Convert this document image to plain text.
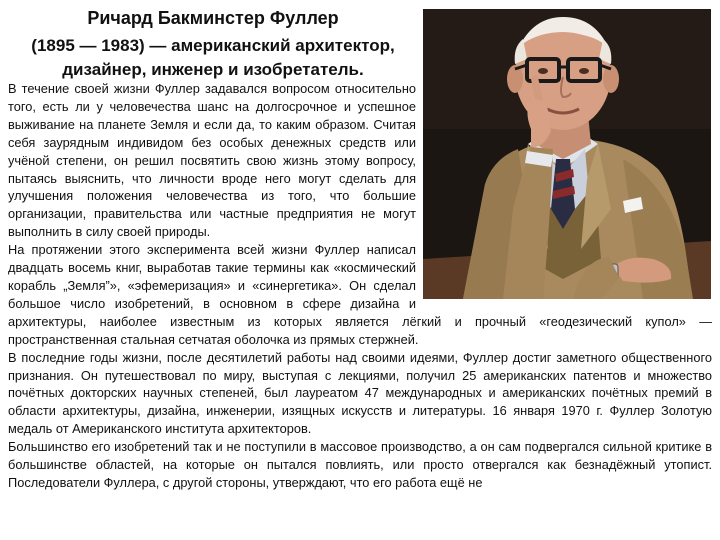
Ричард Бакминстер Фуллер
(1895 — 1983) — американский архитектор, дизайнер, инженер и изобретатель.

В течение своей жизни Фуллер задавался вопросом относительно того, есть ли у человечества шанс на долгосрочное и успешное выживание на планете Земля и если да, то каким образом. Считая себя заурядным индивидом без особых денежных средств или учёной степени, он решил посвятить свою жизнь этому вопросу, пытаясь выяснить, что личности вроде него могут сделать для улучшения положения человечества из того, что большие организации, правительства или частные предприятия не могут выполнить в силу своей природы.

На протяжении этого эксперимента всей жизни Фуллер написал двадцать восемь книг, выработав такие термины как «космический корабль „Земля”», «эфемеризация» и «синергетика». Он сделал большое число изобретений, в основном в сфере дизайна и архитектуры, наиболее известным из которых является лёгкий и прочный «геодезический купол» — пространственная стальная сетчатая оболочка из прямых стержней.

В последние годы жизни, после десятилетий работы над своими идеями, Фуллер достиг заметного общественного признания. Он путешествовал по миру, выступая с лекциями, получил 25 американских патентов и множество почётных докторских научных степеней, был лауреатом 47 международных и американских почётных премий в области архитектуры, дизайна, инженерии, изящных искусств и литературы. 16 января 1970 г. Фуллер Золотую медаль от Американского института архитекторов.

Большинство его изобретений так и не поступили в массовое производство, а он сам подвергался сильной критике в большинстве областей, на которые он пытался повлиять, или просто отвергался как безнадёжный утопист. Последователи Фуллера, с другой стороны, утверждают, что его работа ещё не
